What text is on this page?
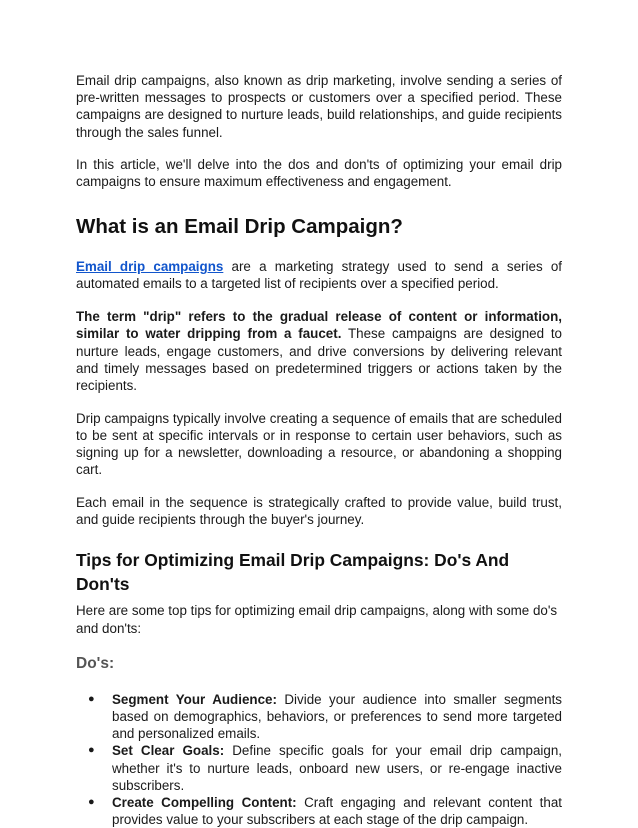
Email drip campaigns, also known as drip marketing, involve sending a series of pre-written messages to prospects or customers over a specified period. These campaigns are designed to nurture leads, build relationships, and guide recipients through the sales funnel.

In this article, we'll delve into the dos and don'ts of optimizing your email drip campaigns to ensure maximum effectiveness and engagement.

What is an Email Drip Campaign?

Email drip campaigns are a marketing strategy used to send a series of automated emails to a targeted list of recipients over a specified period.

The term "drip" refers to the gradual release of content or information, similar to water dripping from a faucet. These campaigns are designed to nurture leads, engage customers, and drive conversions by delivering relevant and timely messages based on predetermined triggers or actions taken by the recipients.

Drip campaigns typically involve creating a sequence of emails that are scheduled to be sent at specific intervals or in response to certain user behaviors, such as signing up for a newsletter, downloading a resource, or abandoning a shopping cart.

Each email in the sequence is strategically crafted to provide value, build trust, and guide recipients through the buyer's journey.

Tips for Optimizing Email Drip Campaigns: Do's And Don'ts

Here are some top tips for optimizing email drip campaigns, along with some do's and don'ts:

Do's:
● Segment Your Audience: Divide your audience into smaller segments based on demographics, behaviors, or preferences to send more targeted and personalized emails.
● Set Clear Goals: Define specific goals for your email drip campaign, whether it's to nurture leads, onboard new users, or re-engage inactive subscribers.
● Create Compelling Content: Craft engaging and relevant content that provides value to your subscribers at each stage of the drip campaign.
